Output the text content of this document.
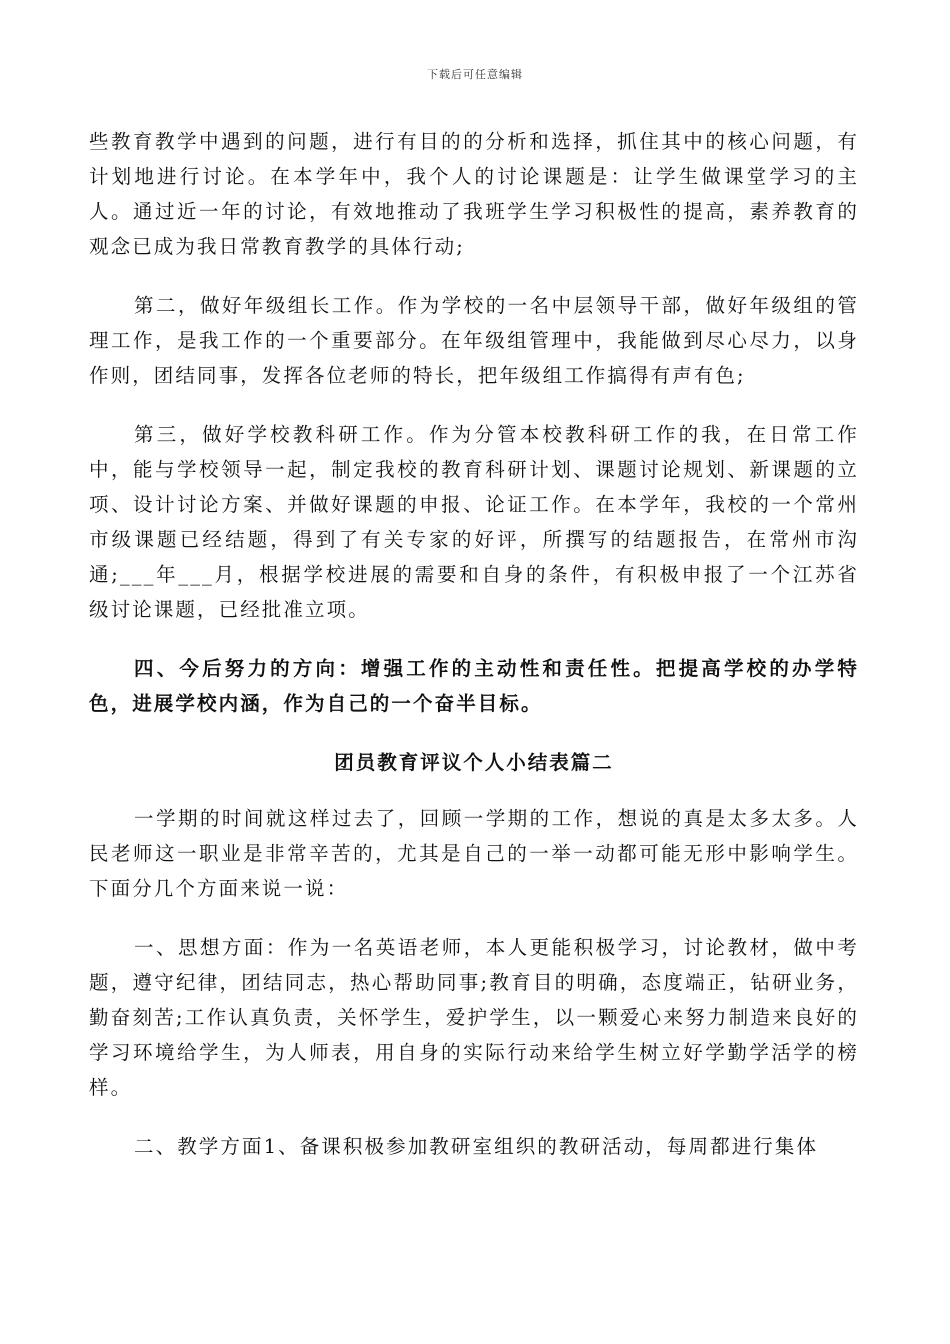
下载后可任意编辑

些教育教学中遇到的问题，进行有目的的分析和选择，抓住其中的核心问题，有计划地进行讨论。在本学年中，我个人的讨论课题是：让学生做课堂学习的主人。通过近一年的讨论，有效地推动了我班学生学习积极性的提高，素养教育的观念已成为我日常教育教学的具体行动;

第二，做好年级组长工作。作为学校的一名中层领导干部，做好年级组的管理工作，是我工作的一个重要部分。在年级组管理中，我能做到尽心尽力，以身作则，团结同事，发挥各位老师的特长，把年级组工作搞得有声有色;

第三，做好学校教科研工作。作为分管本校教科研工作的我，在日常工作中，能与学校领导一起，制定我校的教育科研计划、课题讨论规划、新课题的立项、设计讨论方案、并做好课题的申报、论证工作。在本学年，我校的一个常州市级课题已经结题，得到了有关专家的好评，所撰写的结题报告，在常州市沟通;___年___月，根据学校进展的需要和自身的条件，有积极申报了一个江苏省级讨论课题，已经批准立项。

四、今后努力的方向：增强工作的主动性和责任性。把提高学校的办学特色，进展学校内涵，作为自己的一个奋半目标。

团员教育评议个人小结表篇二

一学期的时间就这样过去了，回顾一学期的工作，想说的真是太多太多。人民老师这一职业是非常辛苦的，尤其是自己的一举一动都可能无形中影响学生。下面分几个方面来说一说：

一、思想方面：作为一名英语老师，本人更能积极学习，讨论教材，做中考题，遵守纪律，团结同志，热心帮助同事;教育目的明确，态度端正，钻研业务，勤奋刻苦;工作认真负责，关怀学生，爱护学生，以一颗爱心来努力制造来良好的学习环境给学生，为人师表，用自身的实际行动来给学生树立好学勤学活学的榜样。

二、教学方面1、备课积极参加教研室组织的教研活动，每周都进行集体
